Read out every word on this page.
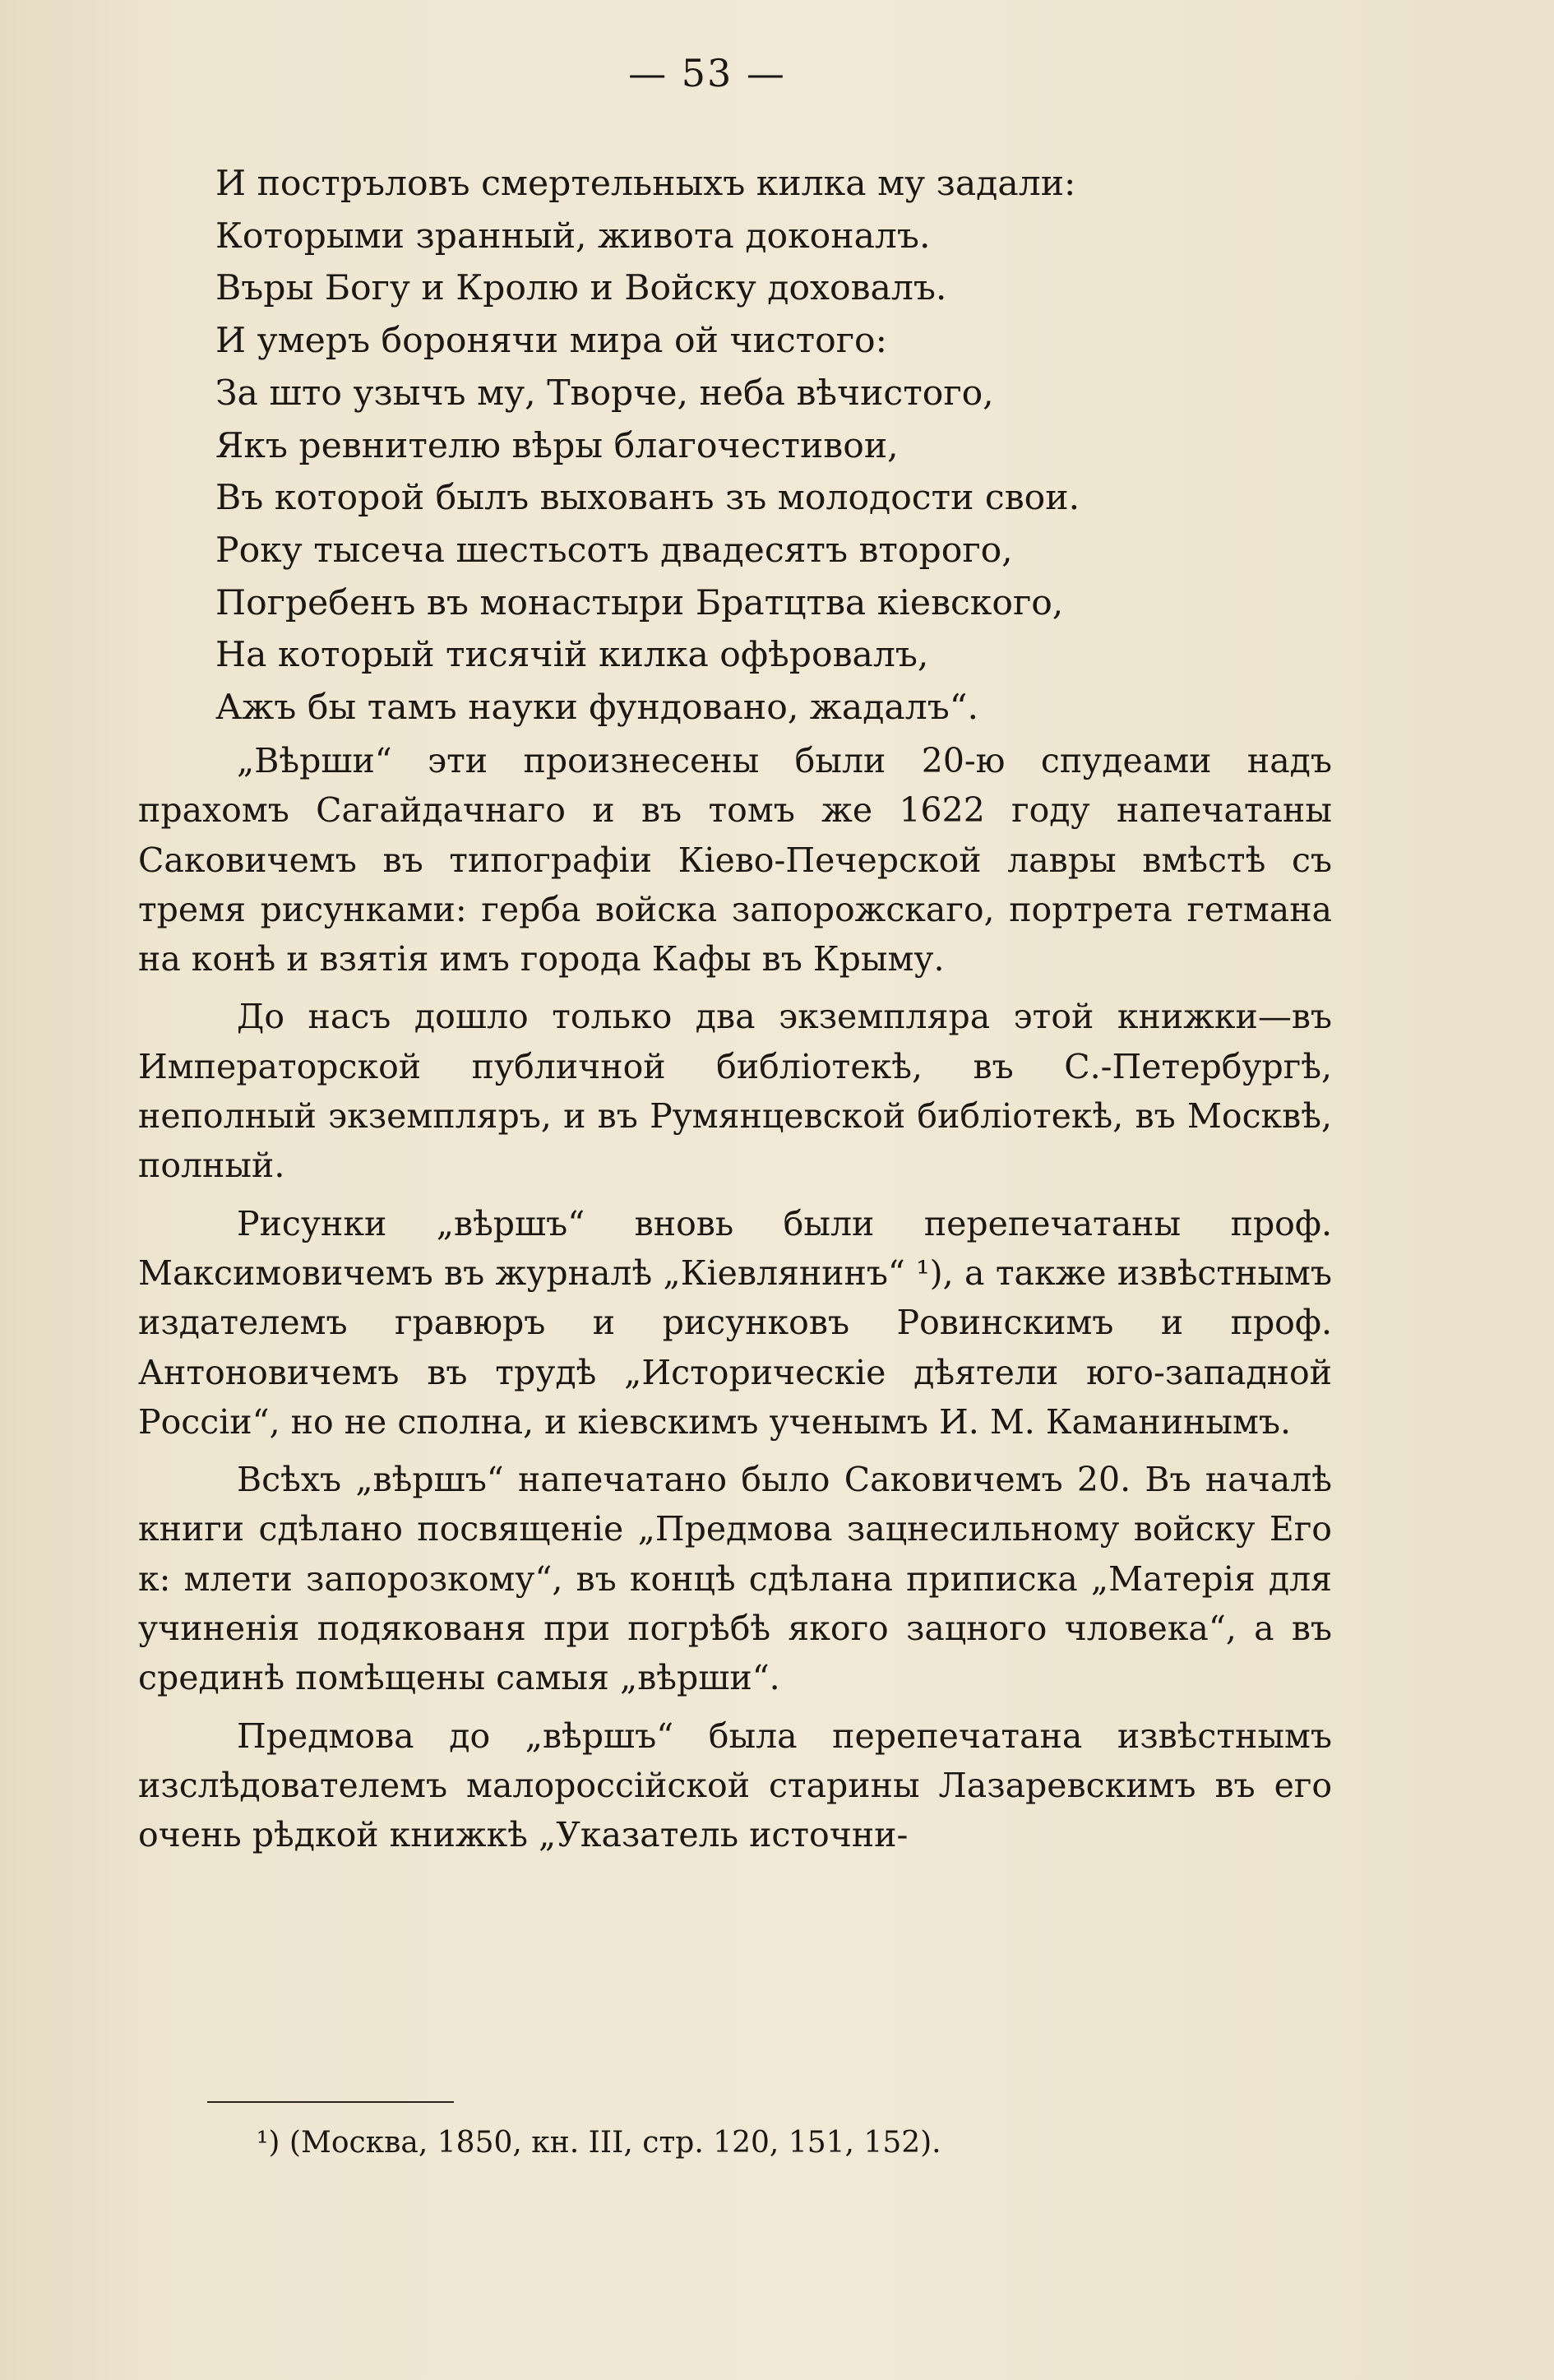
— 53 —
И постръловъ смертельныхъ килка му задали:
Которыми зранный, живота доконалъ.
Въры Богу и Кролю и Войску доховалъ.
И умеръ боронячи мира ой чистого:
За што узычъ му, Творче, неба вѣчистого,
Якъ ревнителю вѣры благочестивои,
Въ которой былъ выхованъ зъ молодости свои.
Року тысеча шестьсотъ двадесятъ второго,
Погребенъ въ монастыри Братцтва кіевского,
На который тисячій килка офѣровалъ,
Ажъ бы тамъ науки фундовано, жадалъ“.

„Вѣрши“ эти произнесены были 20-ю спудеами надъ прахомъ Сагайдачнаго и въ томъ же 1622 году напечатаны Саковичемъ въ типографіи Кіево-Печерской лавры вмѣстѣ съ тремя рисунками: герба войска запорожскаго, портрета гетмана на конѣ и взятія имъ города Кафы въ Крыму.

До насъ дошло только два экземпляра этой книжки—въ Императорской публичной библіотекѣ, въ С.-Петербургѣ, неполный экземпляръ, и въ Румянцевской библіотекѣ, въ Москвѣ, полный.

Рисунки „вѣршъ“ вновь были перепечатаны проф. Максимовичемъ въ журналѣ „Кіевлянинъ“ ¹), а также извѣстнымъ издателемъ гравюръ и рисунковъ Ровинскимъ и проф. Антоновичемъ въ трудѣ „Историческіе дѣятели юго-западной Россіи“, но не сполна, и кіевскимъ ученымъ И. М. Каманинымъ.

Всѣхъ „вѣршъ“ напечатано было Саковичемъ 20. Въ началѣ книги сдѣлано посвященіе „Предмова зацнесильному войску Его к: млети запорозкому“, въ концѣ сдѣлана приписка „Матерія для учиненія подякованя при погрѣбѣ якого зацного чловека“, а въ срединѣ помѣщены самыя „вѣрши“.

Предмова до „вѣршъ“ была перепечатана извѣстнымъ изслѣдователемъ малороссійской старины Лазаревскимъ въ его очень рѣдкой книжкѣ „Указатель источни-

¹) (Москва, 1850, кн. III, стр. 120, 151, 152).
